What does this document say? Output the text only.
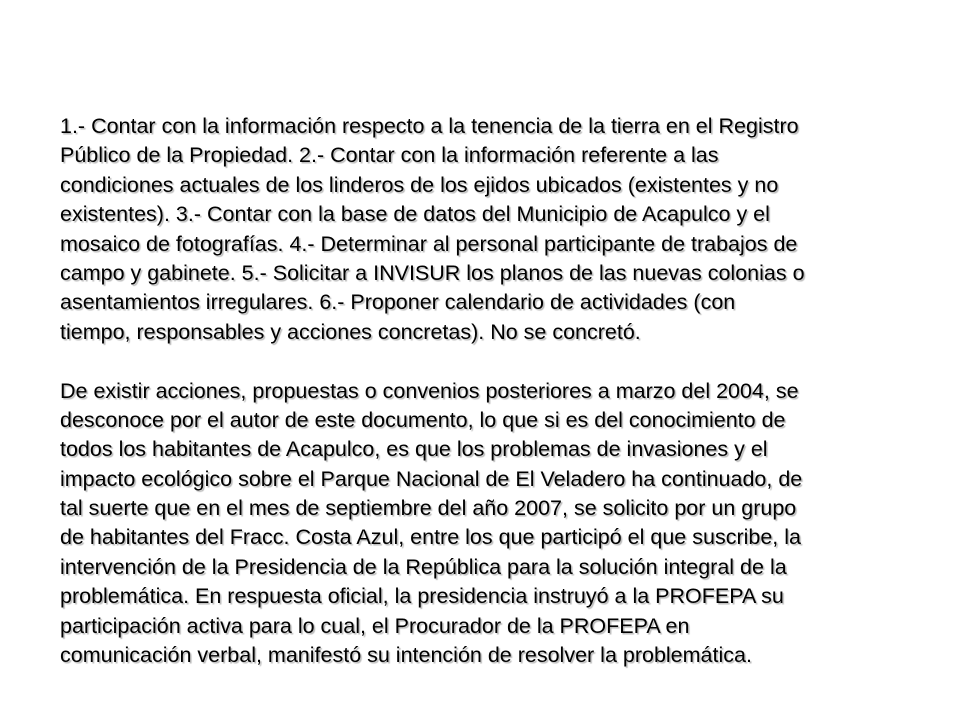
1.- Contar con la información respecto a la tenencia de la tierra en el Registro
Público de la Propiedad. 2.- Contar con la información referente a las
condiciones actuales de los linderos de los ejidos ubicados (existentes y no
existentes). 3.- Contar con la base de datos del Municipio de Acapulco y el
mosaico de fotografías. 4.- Determinar al personal participante de trabajos de
campo y gabinete. 5.- Solicitar a INVISUR los planos de las nuevas colonias o
asentamientos irregulares. 6.- Proponer calendario de actividades (con
tiempo, responsables y acciones concretas). No se concretó.
De existir acciones, propuestas o convenios posteriores a marzo del 2004, se
desconoce por el autor de este documento, lo que si es del conocimiento de
todos los habitantes de Acapulco, es que los problemas de invasiones y el
impacto ecológico sobre el Parque Nacional de El Veladero ha continuado, de
tal suerte que en el mes de septiembre del año 2007, se solicito por un grupo
de habitantes del Fracc. Costa Azul, entre los que participó el que suscribe, la
intervención de la Presidencia de la República para la solución integral de la
problemática. En respuesta oficial, la presidencia instruyó a la PROFEPA su
participación activa para lo cual, el Procurador de la PROFEPA en
comunicación verbal, manifestó su intención de resolver la problemática.
